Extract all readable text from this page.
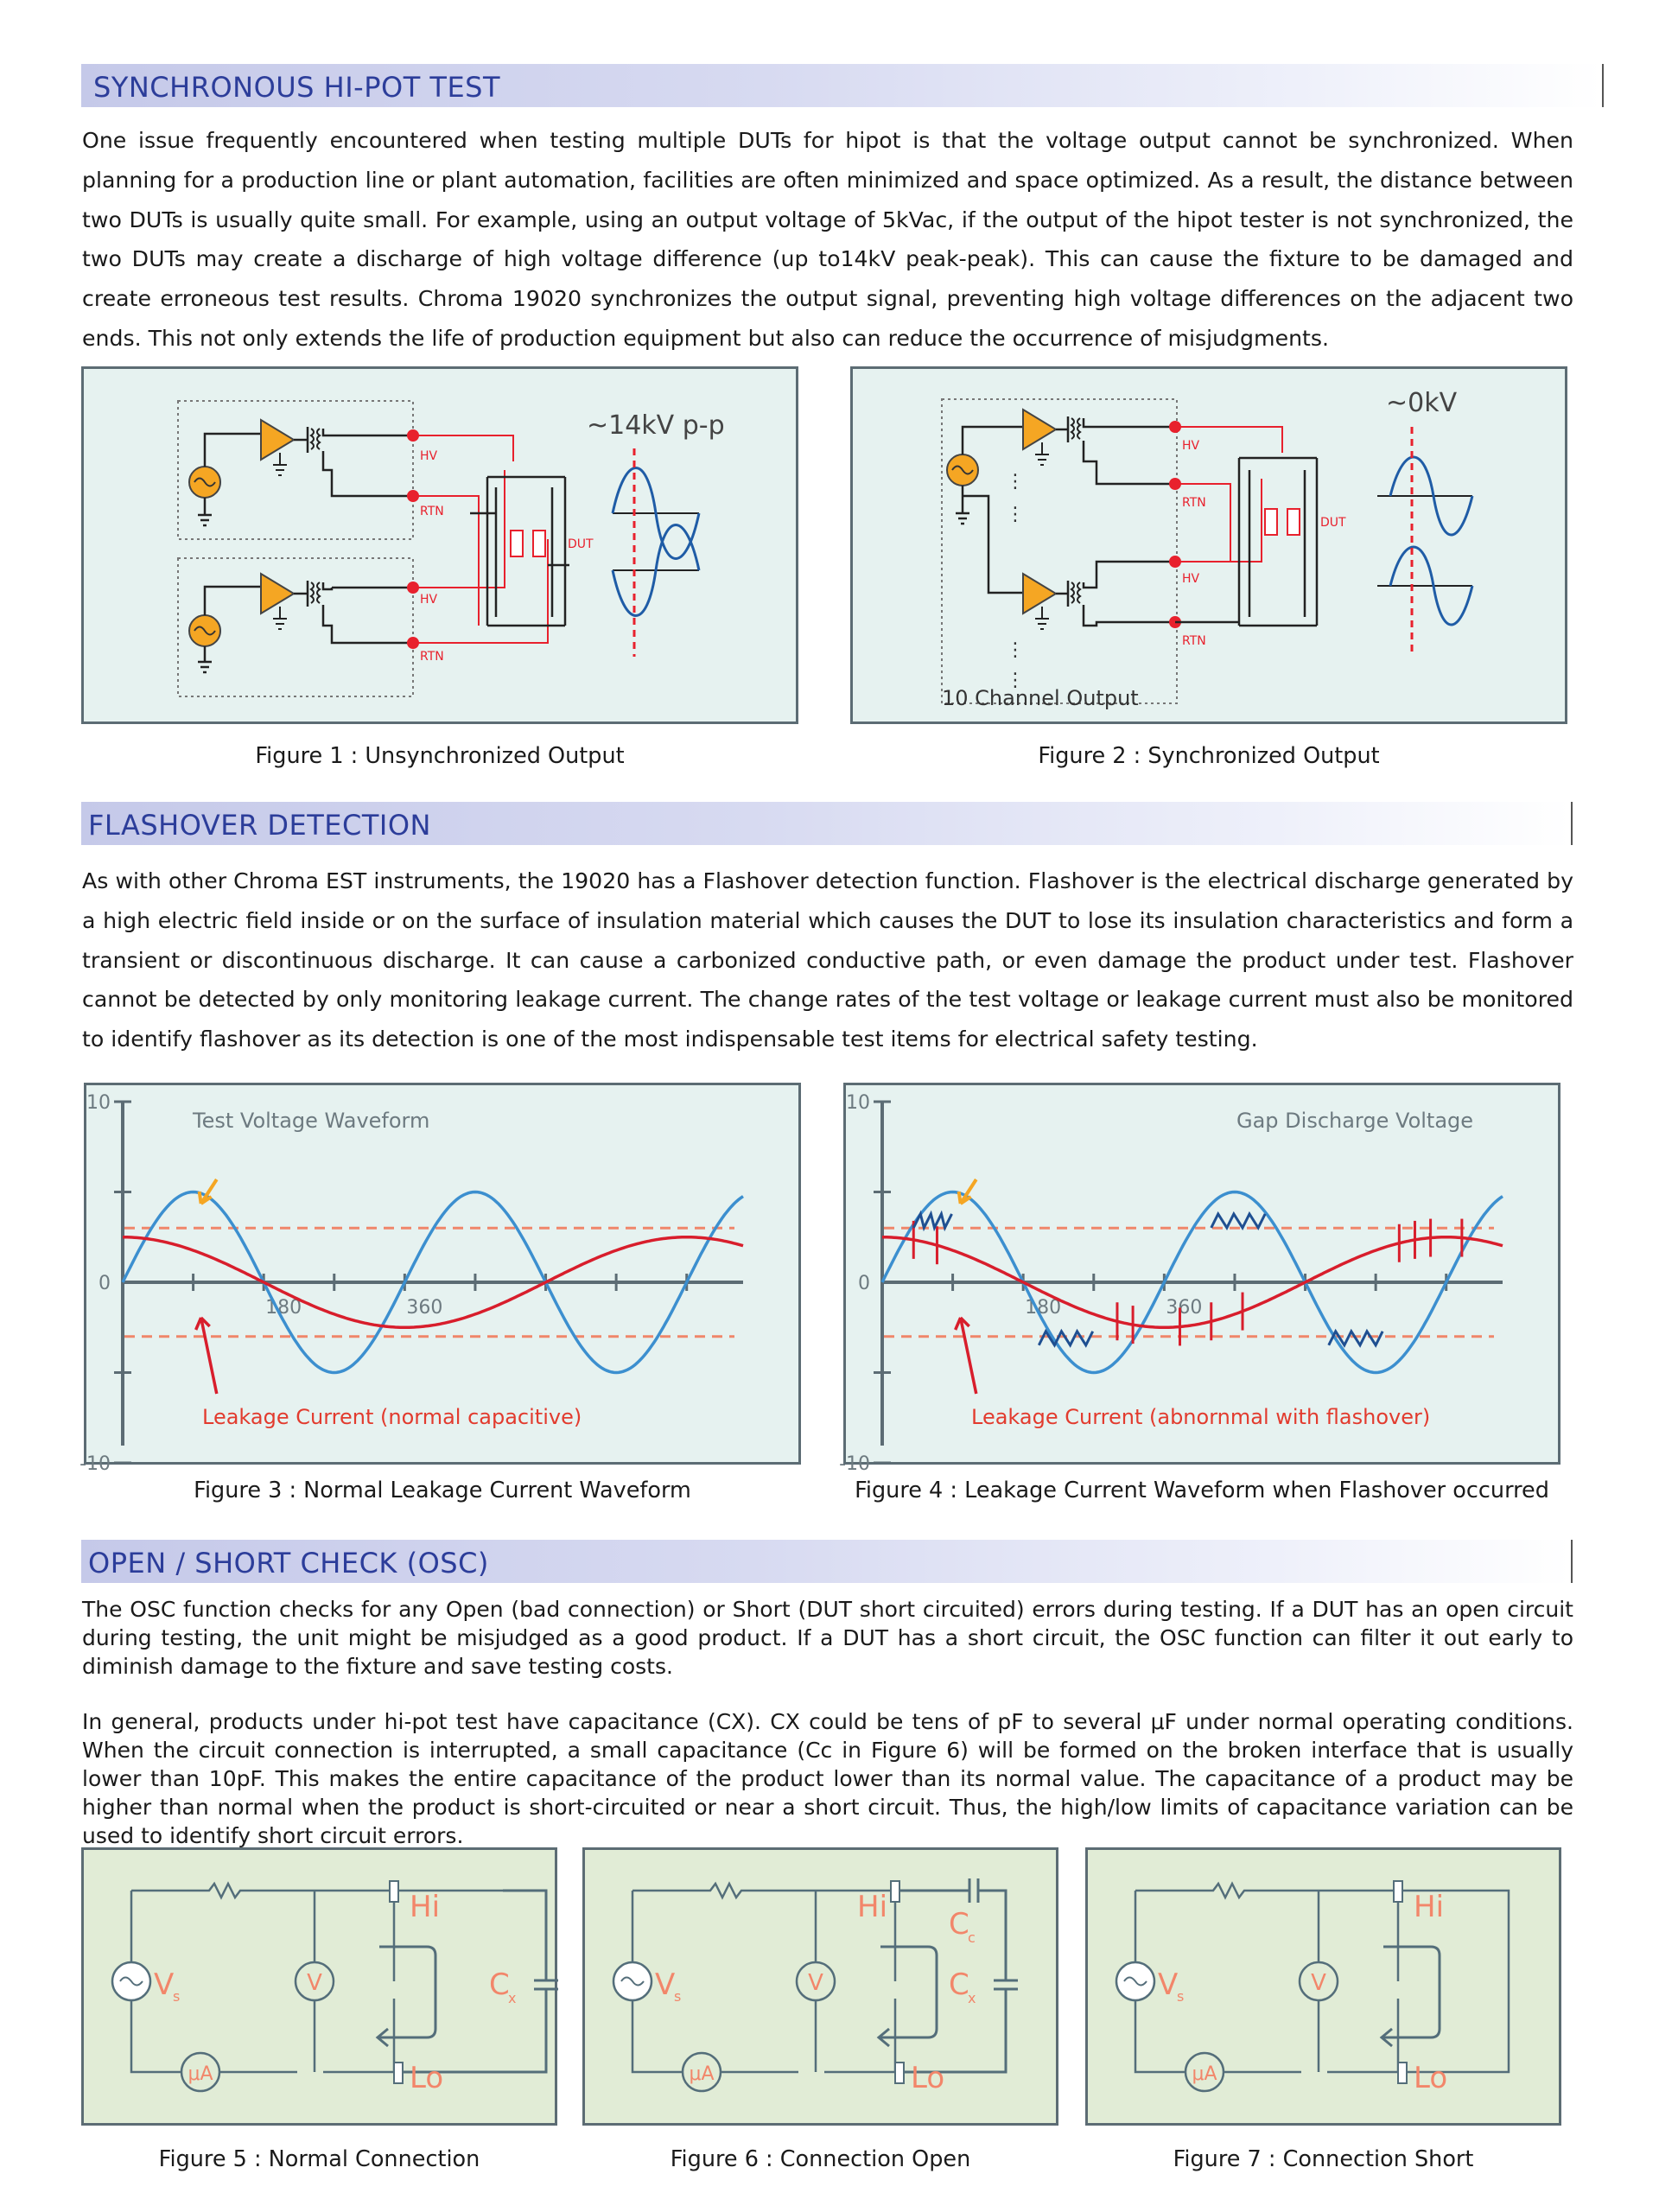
SYNCHRONOUS HI-POT TEST

One issue frequently encountered when testing multiple DUTs for hipot is that the voltage output cannot be synchronized. When planning for a production line or plant automation, facilities are often minimized and space optimized. As a result, the distance between two DUTs is usually quite small. For example, using an output voltage of 5kVac, if the output of the hipot tester is not synchronized, the two DUTs may create a discharge of high voltage difference (up to14kV peak-peak). This can cause the fixture to be damaged and create erroneous test results. Chroma 19020 synchronizes the output signal, preventing high voltage differences on the adjacent two ends. This not only extends the life of production equipment but also can reduce the occurrence of misjudgments.

HV
RTN
HV
RTN
DUT
~14kV p-p
Figure 1 : Unsynchronized Output
⋮
⋮
⋮
⋮
HV
RTN
HV
RTN
DUT
10 Channel Output
~0kV
Figure 2 : Synchronized Output
FLASHOVER DETECTION

As with other Chroma EST instruments, the 19020 has a Flashover detection function. Flashover is the electrical discharge generated by a high electric field inside or on the surface of insulation material which causes the DUT to lose its insulation characteristics and form a transient or discontinuous discharge. It can cause a carbonized conductive path, or even damage the product under test. Flashover cannot be detected by only monitoring leakage current. The change rates of the test voltage or leakage current must also be monitored to identify flashover as its detection is one of the most indispensable test items for electrical safety testing.

10
0
-10
180	360
Test Voltage Waveform
Leakage Current (normal capacitive)
Figure 3 : Normal Leakage Current Waveform
10
0
-10
180	360
Gap Discharge Voltage
Leakage Current (abnornmal with flashover)
Figure 4 : Leakage Current Waveform when Flashover occurred
OPEN / SHORT CHECK (OSC)

The OSC function checks for any Open (bad connection) or Short (DUT short circuited) errors during testing. If a DUT has an open circuit during testing, the unit might be misjudged as a good product. If a DUT has a short circuit, the OSC function can filter it out early to diminish damage to the fixture and save testing costs.

In general, products under hi-pot test have capacitance (CX). CX could be tens of pF to several μF under normal operating conditions. When the circuit connection is interrupted, a small capacitance (Cc in Figure 6) will be formed on the broken interface that is usually lower than 10pF. This makes the entire capacitance of the product lower than its normal value. The capacitance of a product may be higher than normal when the product is short-circuited or near a short circuit. Thus, the high/low limits of capacitance variation can be used to identify short circuit errors.

V
μA
V
s
Hi
Lo
C
x
Figure 5 : Normal Connection
V
μA
V
s
Hi
Lo
C
c
C
x
Figure 6 : Connection Open
V
μA
V
s
Hi
Lo
Figure 7 : Connection Short
